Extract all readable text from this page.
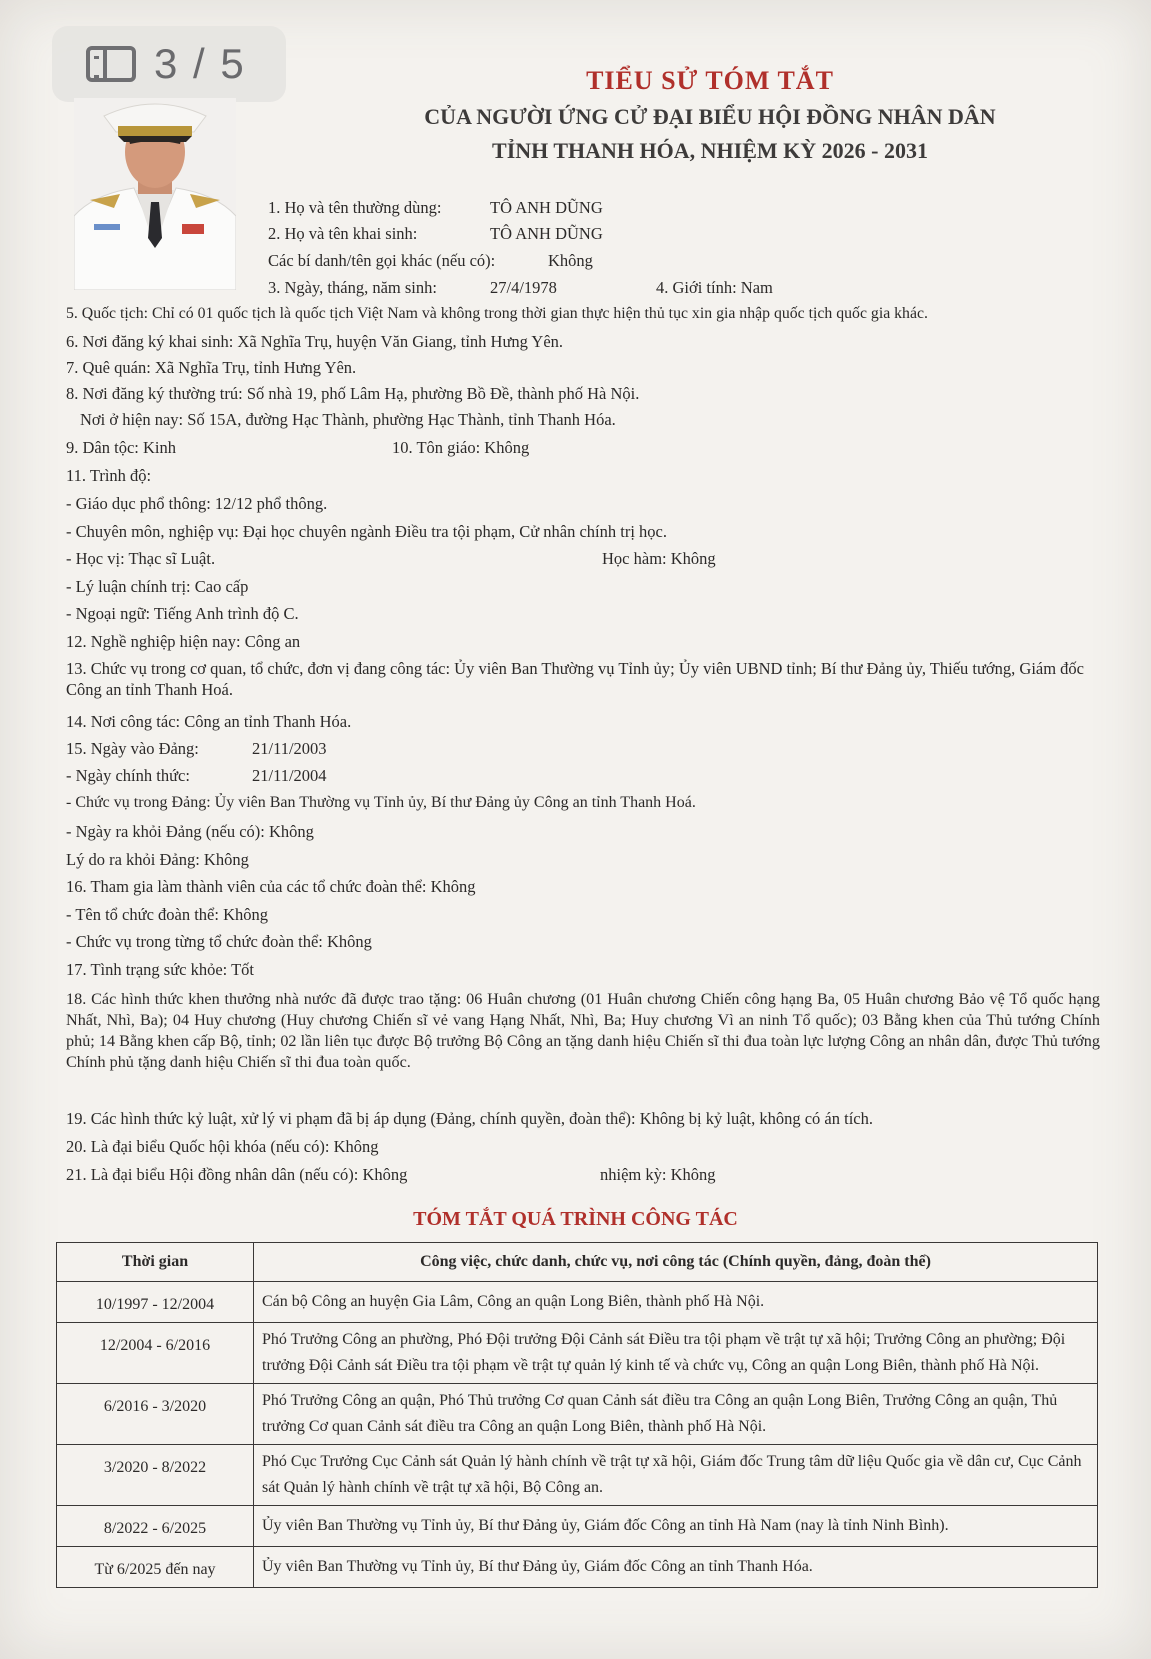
3 / 5	TIỂU SỬ TÓM TẮT
CỦA NGƯỜI ỨNG CỬ ĐẠI BIỂU HỘI ĐỒNG NHÂN DÂN
TỈNH THANH HÓA, NHIỆM KỲ 2026 - 2031
1. Họ và tên thường dùng:	TÔ ANH DŨNG
2. Họ và tên khai sinh:	TÔ ANH DŨNG
Các bí danh/tên gọi khác (nếu có):	Không
3. Ngày, tháng, năm sinh:	27/4/1978	4. Giới tính: Nam
5. Quốc tịch: Chỉ có 01 quốc tịch là quốc tịch Việt Nam và không trong thời gian thực hiện thủ tục xin gia nhập quốc tịch quốc gia khác.
6. Nơi đăng ký khai sinh: Xã Nghĩa Trụ, huyện Văn Giang, tỉnh Hưng Yên.
7. Quê quán: Xã Nghĩa Trụ, tỉnh Hưng Yên.
8. Nơi đăng ký thường trú: Số nhà 19, phố Lâm Hạ, phường Bồ Đề, thành phố Hà Nội.
Nơi ở hiện nay: Số 15A, đường Hạc Thành, phường Hạc Thành, tỉnh Thanh Hóa.
9. Dân tộc: Kinh	10. Tôn giáo: Không
11. Trình độ:
- Giáo dục phổ thông: 12/12 phổ thông.
- Chuyên môn, nghiệp vụ: Đại học chuyên ngành Điều tra tội phạm, Cử nhân chính trị học.
- Học vị: Thạc sĩ Luật.	Học hàm: Không
- Lý luận chính trị: Cao cấp
- Ngoại ngữ: Tiếng Anh trình độ C.
12. Nghề nghiệp hiện nay: Công an
13. Chức vụ trong cơ quan, tổ chức, đơn vị đang công tác: Ủy viên Ban Thường vụ Tỉnh ủy; Ủy viên UBND tỉnh; Bí thư Đảng ủy, Thiếu tướng, Giám đốc Công an tỉnh Thanh Hoá.
14. Nơi công tác: Công an tỉnh Thanh Hóa.
15. Ngày vào Đảng:	21/11/2003
- Ngày chính thức:	21/11/2004
- Chức vụ trong Đảng: Ủy viên Ban Thường vụ Tỉnh ủy, Bí thư Đảng ủy Công an tỉnh Thanh Hoá.
- Ngày ra khỏi Đảng (nếu có): Không
Lý do ra khỏi Đảng: Không
16. Tham gia làm thành viên của các tổ chức đoàn thể: Không
- Tên tổ chức đoàn thể: Không
- Chức vụ trong từng tổ chức đoàn thể: Không
17. Tình trạng sức khỏe: Tốt
18. Các hình thức khen thưởng nhà nước đã được trao tặng: 06 Huân chương (01 Huân chương Chiến công hạng Ba, 05 Huân chương Bảo vệ Tổ quốc hạng Nhất, Nhì, Ba); 04 Huy chương (Huy chương Chiến sĩ vẻ vang Hạng Nhất, Nhì, Ba; Huy chương Vì an ninh Tổ quốc); 03 Bằng khen của Thủ tướng Chính phủ; 14 Bằng khen cấp Bộ, tỉnh; 02 lần liên tục được Bộ trưởng Bộ Công an tặng danh hiệu Chiến sĩ thi đua toàn lực lượng Công an nhân dân, được Thủ tướng Chính phủ tặng danh hiệu Chiến sĩ thi đua toàn quốc.
19. Các hình thức kỷ luật, xử lý vi phạm đã bị áp dụng (Đảng, chính quyền, đoàn thể): Không bị kỷ luật, không có án tích.
20. Là đại biểu Quốc hội khóa (nếu có): Không
21. Là đại biểu Hội đồng nhân dân (nếu có): Không	nhiệm kỳ: Không
TÓM TẮT QUÁ TRÌNH CÔNG TÁC
Thời gian	Công việc, chức danh, chức vụ, nơi công tác (Chính quyền, đảng, đoàn thể)
10/1997 - 12/2004	Cán bộ Công an huyện Gia Lâm, Công an quận Long Biên, thành phố Hà Nội.
12/2004 - 6/2016	Phó Trưởng Công an phường, Phó Đội trưởng Đội Cảnh sát Điều tra tội phạm về trật tự xã hội; Trưởng Công an phường; Đội trưởng Đội Cảnh sát Điều tra tội phạm về trật tự quản lý kinh tế và chức vụ, Công an quận Long Biên, thành phố Hà Nội.
6/2016 - 3/2020	Phó Trưởng Công an quận, Phó Thủ trưởng Cơ quan Cảnh sát điều tra Công an quận Long Biên, Trưởng Công an quận, Thủ trưởng Cơ quan Cảnh sát điều tra Công an quận Long Biên, thành phố Hà Nội.
3/2020 - 8/2022	Phó Cục Trưởng Cục Cảnh sát Quản lý hành chính về trật tự xã hội, Giám đốc Trung tâm dữ liệu Quốc gia về dân cư, Cục Cảnh sát Quản lý hành chính về trật tự xã hội, Bộ Công an.
8/2022 - 6/2025	Ủy viên Ban Thường vụ Tỉnh ủy, Bí thư Đảng ủy, Giám đốc Công an tỉnh Hà Nam (nay là tỉnh Ninh Bình).
Từ 6/2025 đến nay	Ủy viên Ban Thường vụ Tỉnh ủy, Bí thư Đảng ủy, Giám đốc Công an tỉnh Thanh Hóa.
